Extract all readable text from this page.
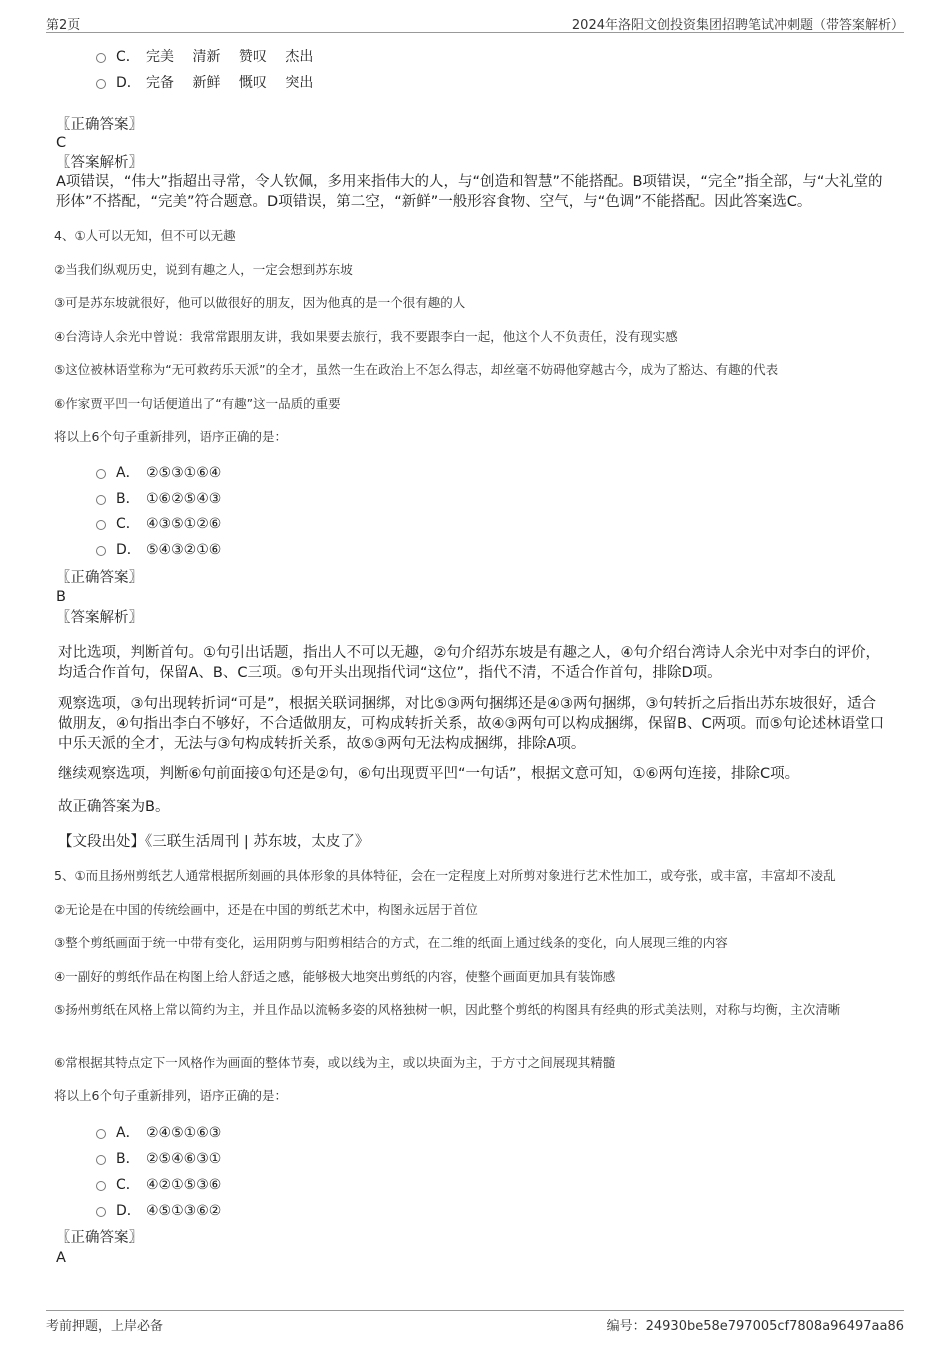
第2页	2024年洛阳文创投资集团招聘笔试冲刺题（带答案解析）
C． 完美　 清新　 赞叹　 杰出
D． 完备　 新鲜　 慨叹　 突出
〖正确答案〗
C
〖答案解析〗
A项错误，“伟大”指超出寻常，令人钦佩，多用来指伟大的人，与“创造和智慧”不能搭配。B项错误，“完全”指全部，与“大礼堂的形体”不搭配，“完美”符合题意。D项错误，第二空，“新鲜”一般形容食物、空气，与“色调”不能搭配。因此答案选C。
4、①人可以无知，但不可以无趣
②当我们纵观历史，说到有趣之人，一定会想到苏东坡
③可是苏东坡就很好，他可以做很好的朋友，因为他真的是一个很有趣的人
④台湾诗人余光中曾说：我常常跟朋友讲，我如果要去旅行，我不要跟李白一起，他这个人不负责任，没有现实感
⑤这位被林语堂称为“无可救药乐天派”的全才，虽然一生在政治上不怎么得志，却丝毫不妨碍他穿越古今，成为了豁达、有趣的代表
⑥作家贾平凹一句话便道出了“有趣”这一品质的重要
将以上6个句子重新排列，语序正确的是：
A． ②⑤③①⑥④
B． ①⑥②⑤④③
C． ④③⑤①②⑥
D． ⑤④③②①⑥
〖正确答案〗
B
〖答案解析〗
对比选项，判断首句。①句引出话题，指出人不可以无趣，②句介绍苏东坡是有趣之人，④句介绍台湾诗人余光中对李白的评价，均适合作首句，保留A、B、C三项。⑤句开头出现指代词“这位”，指代不清，不适合作首句，排除D项。
观察选项，③句出现转折词“可是”，根据关联词捆绑，对比⑤③两句捆绑还是④③两句捆绑，③句转折之后指出苏东坡很好，适合做朋友，④句指出李白不够好，不合适做朋友，可构成转折关系，故④③两句可以构成捆绑，保留B、C两项。而⑤句论述林语堂口中乐天派的全才，无法与③句构成转折关系，故⑤③两句无法构成捆绑，排除A项。
继续观察选项，判断⑥句前面接①句还是②句，⑥句出现贾平凹“一句话”，根据文意可知，①⑥两句连接，排除C项。
故正确答案为B。
【文段出处】《三联生活周刊 | 苏东坡，太皮了》
5、①而且扬州剪纸艺人通常根据所刻画的具体形象的具体特征，会在一定程度上对所剪对象进行艺术性加工，或夸张，或丰富，丰富却不凌乱
②无论是在中国的传统绘画中，还是在中国的剪纸艺术中，构图永远居于首位
③整个剪纸画面于统一中带有变化，运用阴剪与阳剪相结合的方式，在二维的纸面上通过线条的变化，向人展现三维的内容
④一副好的剪纸作品在构图上给人舒适之感，能够极大地突出剪纸的内容，使整个画面更加具有装饰感
⑤扬州剪纸在风格上常以简约为主，并且作品以流畅多姿的风格独树一帜，因此整个剪纸的构图具有经典的形式美法则，对称与均衡，主次清晰
⑥常根据其特点定下一风格作为画面的整体节奏，或以线为主，或以块面为主，于方寸之间展现其精髓
将以上6个句子重新排列，语序正确的是：
A． ②④⑤①⑥③
B． ②⑤④⑥③①
C． ④②①⑤③⑥
D． ④⑤①③⑥②
〖正确答案〗
A
考前押题，上岸必备	编号：24930be58e797005cf7808a96497aa86
